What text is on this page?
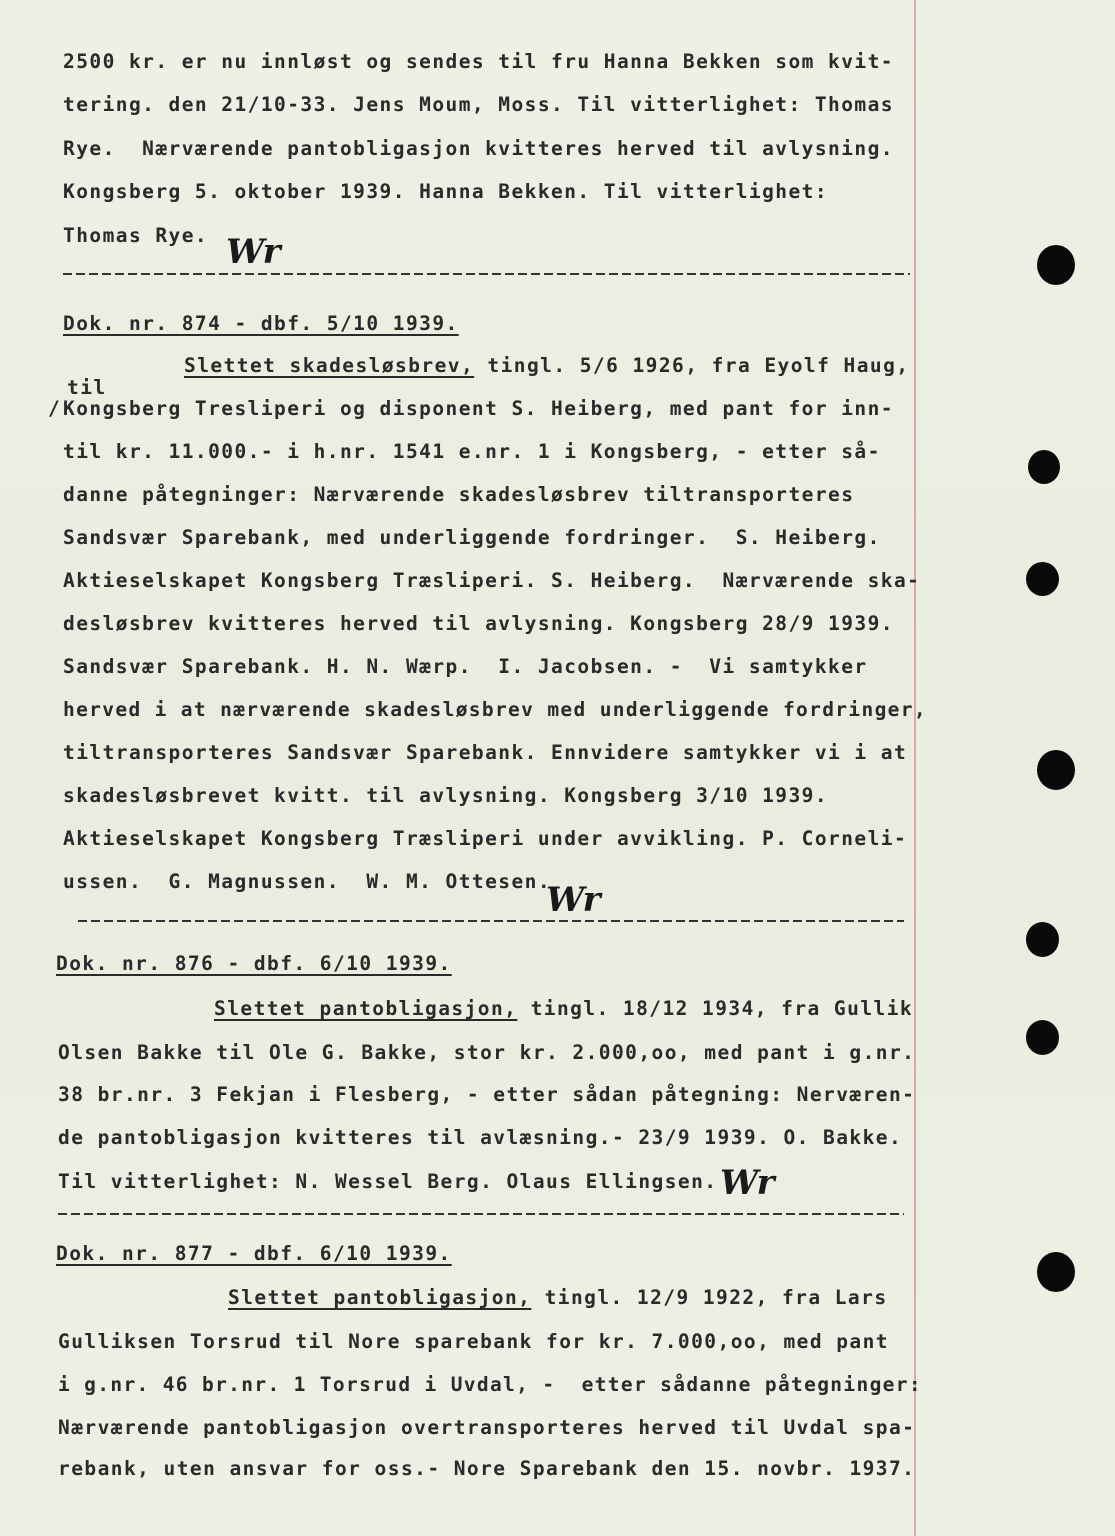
2500 kr. er nu innløst og sendes til fru Hanna Bekken som kvit-
tering. den 21/10-33. Jens Moum, Moss. Til vitterlighet: Thomas
Rye.  Nærværende pantobligasjon kvitteres herved til avlysning.
Kongsberg 5. oktober 1939. Hanna Bekken. Til vitterlighet:
Thomas Rye. Wr
Dok. nr. 874 - dbf. 5/10 1939.
Slettet skadesløsbrev, tingl. 5/6 1926, fra Eyolf Haug,
til
/ Kongsberg Tresliperi og disponent S. Heiberg, med pant for inn-
til kr. 11.000.- i h.nr. 1541 e.nr. 1 i Kongsberg, - etter så-
danne påtegninger: Nærværende skadesløsbrev tiltransporteres
Sandsvær Sparebank, med underliggende fordringer.  S. Heiberg.
Aktieselskapet Kongsberg Træsliperi. S. Heiberg.  Nærværende ska-
desløsbrev kvitteres herved til avlysning. Kongsberg 28/9 1939.
Sandsvær Sparebank. H. N. Wærp.  I. Jacobsen. -  Vi samtykker
herved i at nærværende skadesløsbrev med underliggende fordringer,
tiltransporteres Sandsvær Sparebank. Ennvidere samtykker vi i at
skadesløsbrevet kvitt. til avlysning. Kongsberg 3/10 1939.
Aktieselskapet Kongsberg Træsliperi under avvikling. P. Corneli-
ussen.  G. Magnussen.  W. M. Ottesen.
Wr
Dok. nr. 876 - dbf. 6/10 1939.
Slettet pantobligasjon, tingl. 18/12 1934, fra Gullik
Olsen Bakke til Ole G. Bakke, stor kr. 2.000,oo, med pant i g.nr.
38 br.nr. 3 Fekjan i Flesberg, - etter sådan påtegning: Nerværen-
de pantobligasjon kvitteres til avlæsning.- 23/9 1939. O. Bakke.
Til vitterlighet: N. Wessel Berg. Olaus Ellingsen. Wr
Dok. nr. 877 - dbf. 6/10 1939.
Slettet pantobligasjon, tingl. 12/9 1922, fra Lars
Gulliksen Torsrud til Nore sparebank for kr. 7.000,oo, med pant
i g.nr. 46 br.nr. 1 Torsrud i Uvdal, -  etter sådanne påtegninger:
Nærværende pantobligasjon overtransporteres herved til Uvdal spa-
rebank, uten ansvar for oss.- Nore Sparebank den 15. novbr. 1937.
